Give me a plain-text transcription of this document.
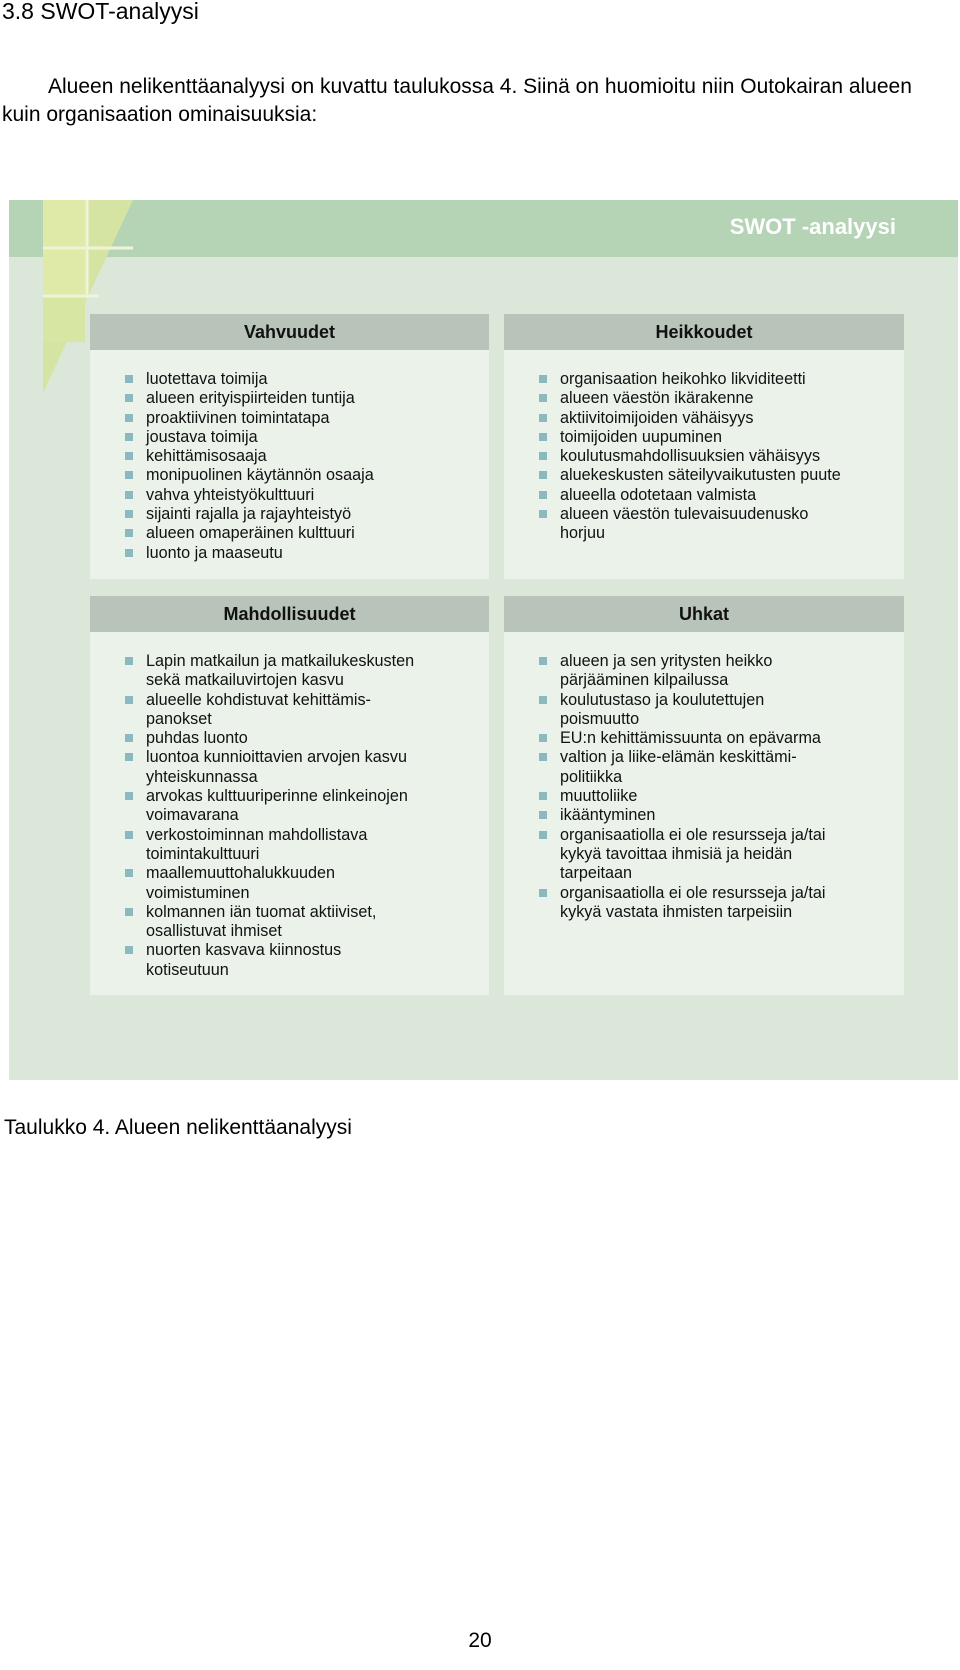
3.8 SWOT-analyysi

Alueen nelikenttäanalyysi on kuvattu taulukossa 4. Siinä on huomioitu niin Outokairan alueen kuin organisaation ominaisuuksia:

SWOT -analyysi
Vahvuudet
luotettava toimija
alueen erityispiirteiden tuntija
proaktiivinen toimintatapa
joustava toimija
kehittämisosaaja
monipuolinen käytännön osaaja
vahva yhteistyökulttuuri
sijainti rajalla ja rajayhteistyö
alueen omaperäinen kulttuuri
luonto ja maaseutu
Heikkoudet
organisaation heikohko likviditeetti
alueen väestön ikärakenne
aktiivitoimijoiden vähäisyys
toimijoiden uupuminen
koulutusmahdollisuuksien vähäisyys
aluekeskusten säteilyvaikutusten puute
alueella odotetaan valmista
alueen väestön tulevaisuudenusko horjuu
Mahdollisuudet
Lapin matkailun ja matkailukeskusten sekä matkailuvirtojen kasvu
alueelle kohdistuvat kehittämis-panokset
puhdas luonto
luontoa kunnioittavien arvojen kasvu yhteiskunnassa
arvokas kulttuuriperinne elinkeinojen voimavarana
verkostoiminnan mahdollistava toimintakulttuuri
maallemuuttohalukkuuden voimistuminen
kolmannen iän tuomat aktiiviset, osallistuvat ihmiset
nuorten kasvava kiinnostus kotiseutuun
Uhkat
alueen ja sen yritysten heikko pärjääminen kilpailussa
koulutustaso ja koulutettujen poismuutto
EU:n kehittämissuunta on epävarma
valtion ja liike-elämän keskittämi-politiikka
muuttoliike
ikääntyminen
organisaatiolla ei ole resursseja ja/tai kykyä tavoittaa ihmisiä ja heidän tarpeitaan
organisaatiolla ei ole resursseja ja/tai kykyä vastata ihmisten tarpeisiin
Taulukko 4. Alueen nelikenttäanalyysi
20
